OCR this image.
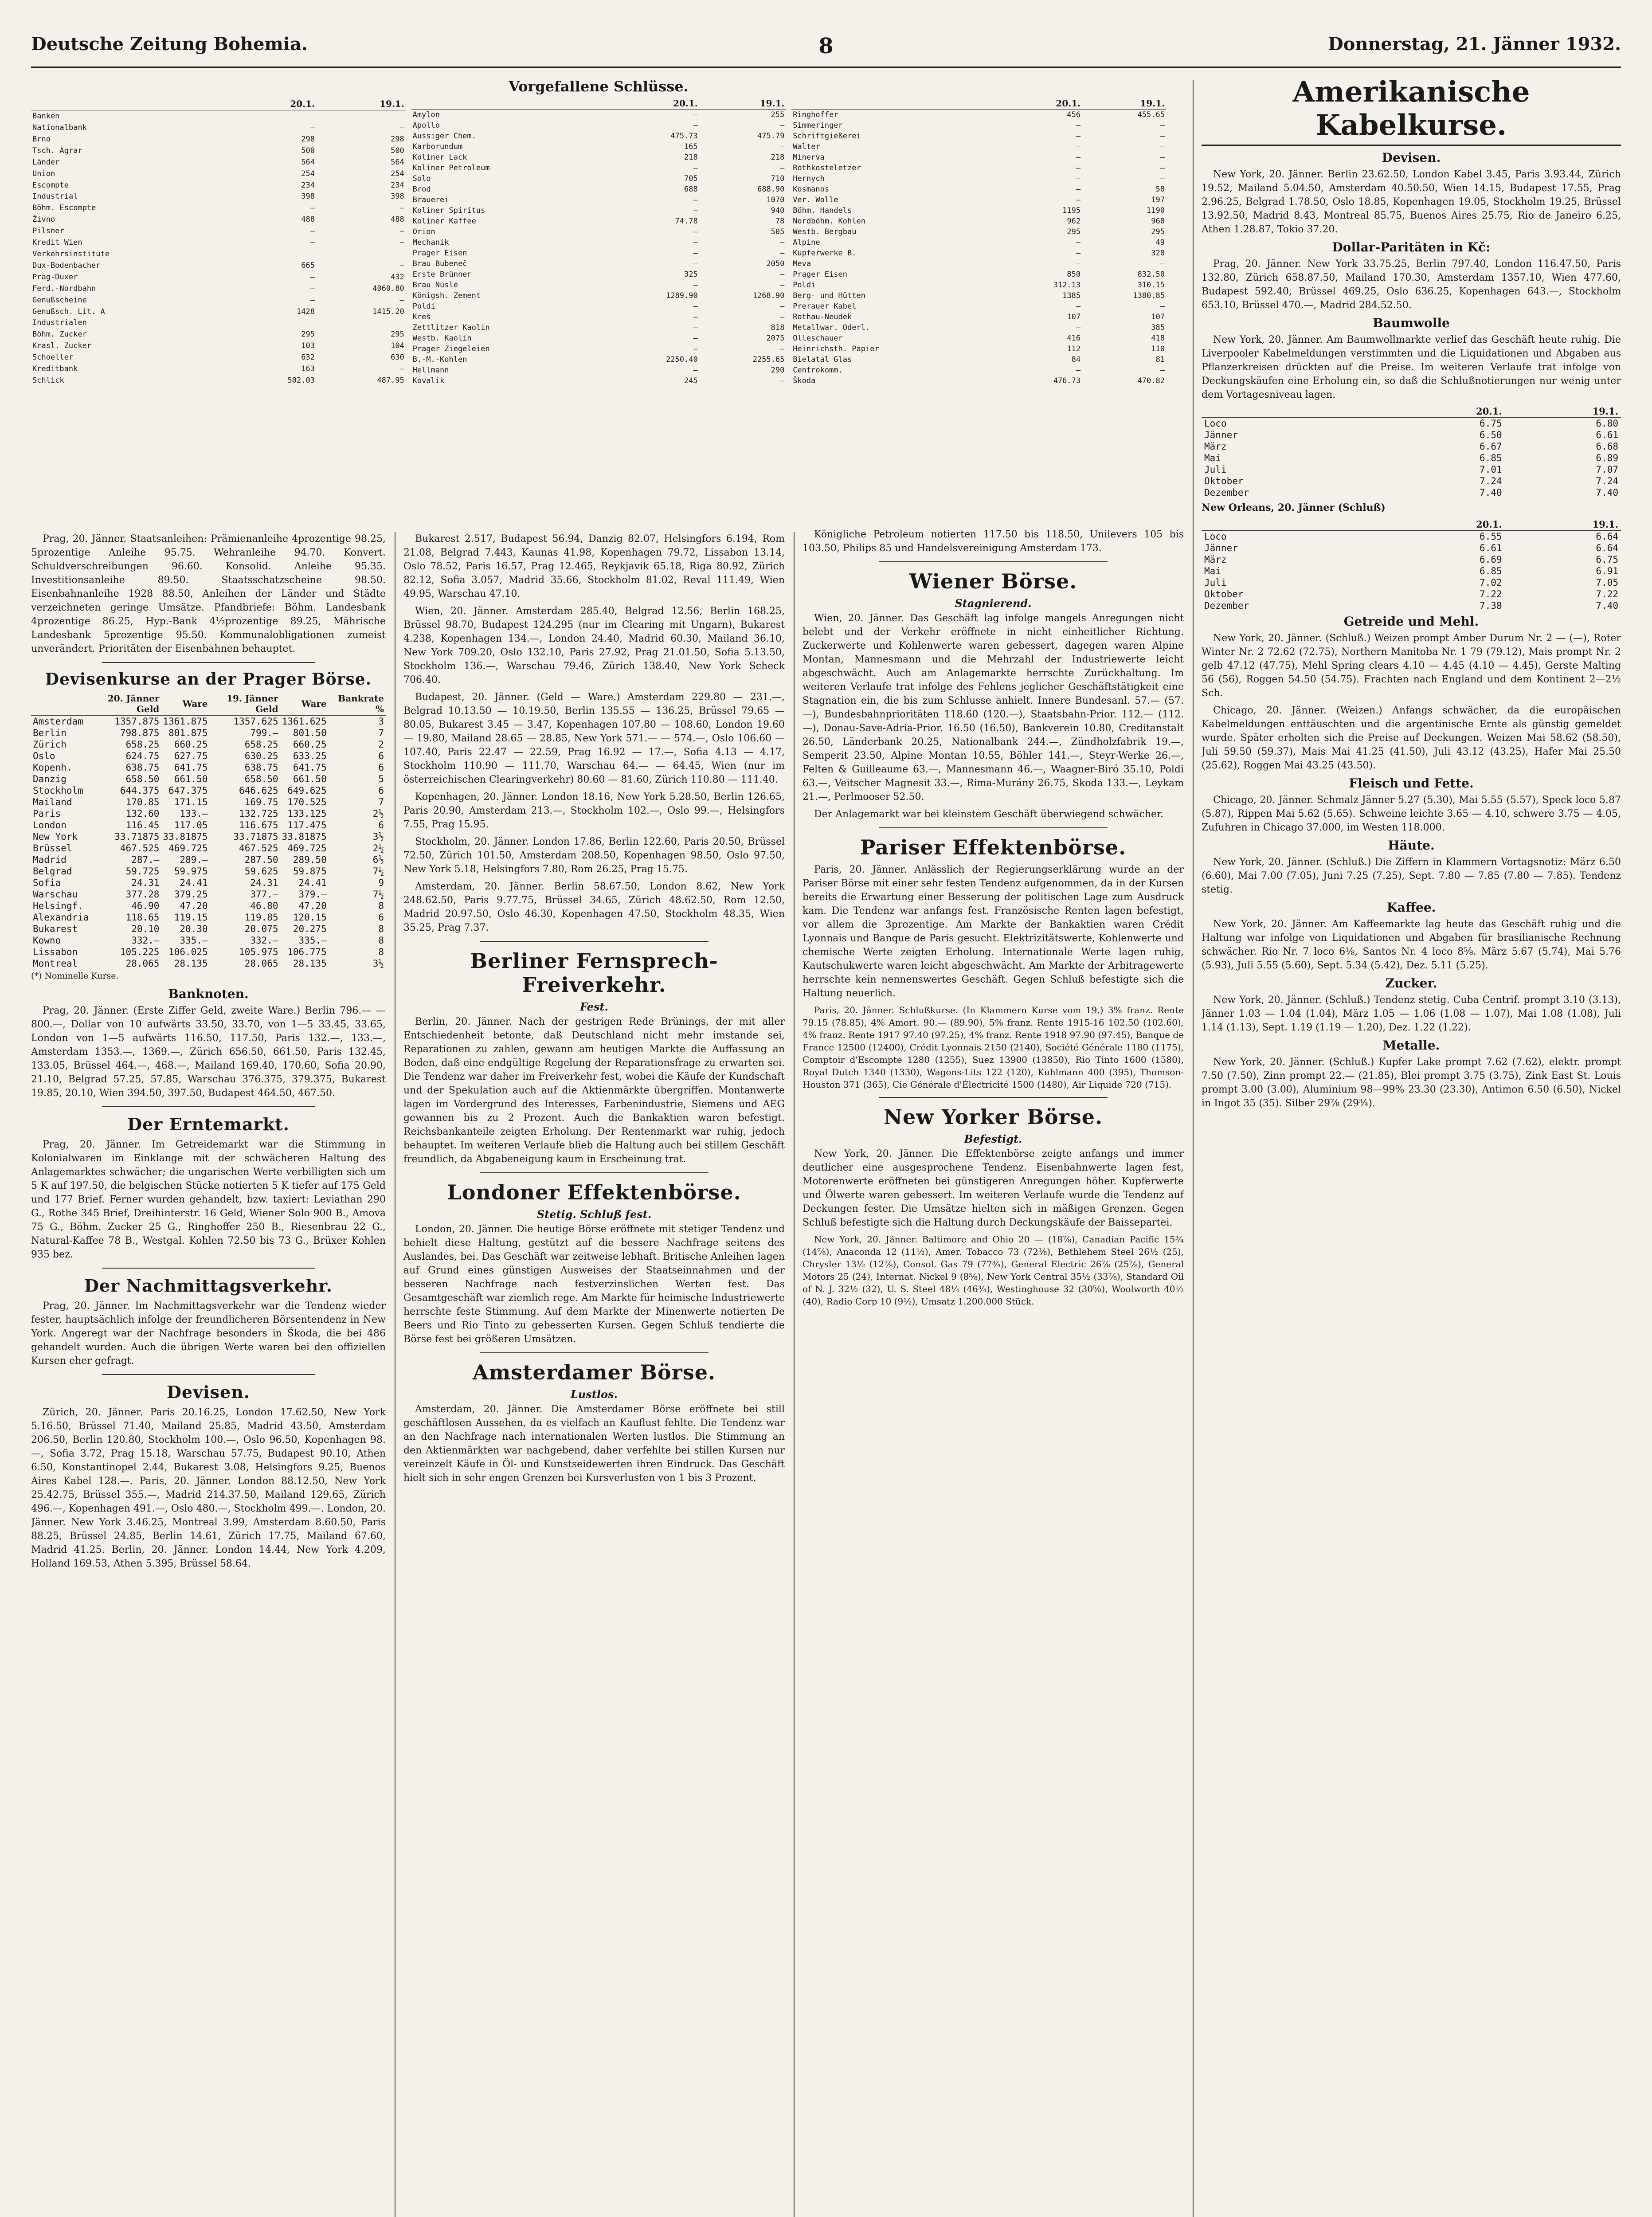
Deutsche Zeitung Bohemia.	8	Donnerstag, 21. Jänner 1932.
Vorgefallene Schlüsse.
	20.1.	19.1.
Banken		
Nationalbank	—	—
Brno	298	298
Tsch. Agrar	500	500
Länder	564	564
Union	254	254
Escompte	234	234
Industrial	398	398
Böhm. Escompte	—	—
Živno	488	488
Pilsner	—	—
Kredit Wien	—	—
Verkehrsinstitute		
Dux-Bodenbacher	665	—
Prag-Duxer	—	432
Ferd.-Nordbahn	—	4060.80
Genußscheine	—	—
Genußsch. Lit. A	1428	1415.20
Industrialen		
Böhm. Zucker	295	295
Krasl. Zucker	103	104
Schoeller	632	630
Kreditbank	163	—
Schlick	502.03	487.95
	20.1.	19.1.
Amylon	—	255
Apollo	—	—
Aussiger Chem.	475.73	475.79
Karborundum	165	—
Koliner Lack	218	218
Koliner Petroleum	—	—
Solo	705	710
Brod	688	688.90
Brauerei	—	1070
Koliner Spiritus	—	940
Koliner Kaffee	74.78	78
Orion	—	505
Mechanik	—	—
Prager Eisen	—	—
Brau Bubeneč	—	2050
Erste Brünner	325	—
Brau Nusle	—	—
Königsh. Zement	1289.90	1268.90
Poldi	—	—
Kreš	—	—
Zettlitzer Kaolin	—	818
Westb. Kaolin	—	2075
Prager Ziegeleien	—	—
B.-M.-Kohlen	2250.40	2255.65
Hellmann	—	290
Kovalik	245	—
	20.1.	19.1.
Ringhoffer	456	455.65
Simmeringer	—	—
Schriftgießerei	—	—
Walter	—	—
Minerva	—	—
Rothkosteletzer	—	—
Hernych	—	—
Kosmanos	—	58
Ver. Wolle	—	197
Böhm. Handels	1195	1190
Nordböhm. Kohlen	962	960
Westb. Bergbau	295	295
Alpine	—	49
Kupferwerke B.	—	328
Meva	—	—
Prager Eisen	850	832.50
Poldi	312.13	310.15
Berg- und Hütten	1385	1380.85
Prerauer Kabel	—	—
Rothau-Neudek	107	107
Metallwar. Oderl.	—	385
Olleschauer	416	418
Heinrichsth. Papier	112	110
Bielatal Glas	84	81
Centrokomm.	—	—
Škoda	476.73	470.82

Prag, 20. Jänner. Staatsanleihen: Prämienanleihe 4prozentige 98.25, 5prozentige Anleihe 95.75. Wehranleihe 94.70. Konvert. Schuldverschreibungen 96.60. Konsolid. Anleihe 95.35. Investitionsanleihe 89.50. Staatsschatzscheine 98.50. Eisenbahnanleihe 1928 88.50, Anleihen der Länder und Städte verzeichneten geringe Umsätze. Pfandbriefe: Böhm. Landesbank 4prozentige 86.25, Hyp.-Bank 4½prozentige 89.25, Mährische Landesbank 5prozentige 95.50. Kommunalobligationen zumeist unverändert. Prioritäten der Eisenbahnen behauptet.

Devisenkurse an der Prager Börse.
	20. Jänner Geld	Ware	19. Jänner Geld	Ware	Bankrate %
Amsterdam	1357.875	1361.875	1357.625	1361.625	3
Berlin	798.875	801.875	799.—	801.50	7
Zürich	658.25	660.25	658.25	660.25	2
Oslo	624.75	627.75	630.25	633.25	6
Kopenh.	638.75	641.75	638.75	641.75	6
Danzig	658.50	661.50	658.50	661.50	5
Stockholm	644.375	647.375	646.625	649.625	6
Mailand	170.85	171.15	169.75	170.525	7
Paris	132.60	133.—	132.725	133.125	2½
London	116.45	117.05	116.675	117.475	6
New York	33.71875	33.81875	33.71875	33.81875	3½
Brüssel	467.525	469.725	467.525	469.725	2½
Madrid	287.—	289.—	287.50	289.50	6½
Belgrad	59.725	59.975	59.625	59.875	7½
Sofia	24.31	24.41	24.31	24.41	9
Warschau	377.28	379.25	377.—	379.—	7½
Helsingf.	46.90	47.20	46.80	47.20	8
Alexandria	118.65	119.15	119.85	120.15	6
Bukarest	20.10	20.30	20.075	20.275	8
Kowno	332.—	335.—	332.—	335.—	8
Lissabon	105.225	106.025	105.975	106.775	8
Montreal	28.065	28.135	28.065	28.135	3½

(*) Nominelle Kurse.

Banknoten.

Prag, 20. Jänner. (Erste Ziffer Geld, zweite Ware.) Berlin 796.— — 800.—, Dollar von 10 aufwärts 33.50, 33.70, von 1—5 33.45, 33.65, London von 1—5 aufwärts 116.50, 117.50, Paris 132.—, 133.—, Amsterdam 1353.—, 1369.—, Zürich 656.50, 661.50, Paris 132.45, 133.05, Brüssel 464.—, 468.—, Mailand 169.40, 170.60, Sofia 20.90, 21.10, Belgrad 57.25, 57.85, Warschau 376.375, 379.375, Bukarest 19.85, 20.10, Wien 394.50, 397.50, Budapest 464.50, 467.50.

Der Erntemarkt.

Prag, 20. Jänner. Im Getreidemarkt war die Stimmung in Kolonialwaren im Einklange mit der schwächeren Haltung des Anlagemarktes schwächer; die ungarischen Werte verbilligten sich um 5 K auf 197.50, die belgischen Stücke notierten 5 K tiefer auf 175 Geld und 177 Brief. Ferner wurden gehandelt, bzw. taxiert: Leviathan 290 G., Rothe 345 Brief, Dreihinterstr. 16 Geld, Wiener Solo 900 B., Amova 75 G., Böhm. Zucker 25 G., Ringhoffer 250 B., Riesenbrau 22 G., Natural-Kaffee 78 B., Westgal. Kohlen 72.50 bis 73 G., Brüxer Kohlen 935 bez.

Der Nachmittagsverkehr.

Prag, 20. Jänner. Im Nachmittagsverkehr war die Tendenz wieder fester, hauptsächlich infolge der freundlicheren Börsentendenz in New York. Angeregt war der Nachfrage besonders in Škoda, die bei 486 gehandelt wurden. Auch die übrigen Werte waren bei den offiziellen Kursen eher gefragt.

Devisen.

Zürich, 20. Jänner. Paris 20.16.25, London 17.62.50, New York 5.16.50, Brüssel 71.40, Mailand 25.85, Madrid 43.50, Amsterdam 206.50, Berlin 120.80, Stockholm 100.—, Oslo 96.50, Kopenhagen 98.—, Sofia 3.72, Prag 15.18, Warschau 57.75, Budapest 90.10, Athen 6.50, Konstantinopel 2.44, Bukarest 3.08, Helsingfors 9.25, Buenos Aires Kabel 128.—. Paris, 20. Jänner. London 88.12.50, New York 25.42.75, Brüssel 355.—, Madrid 214.37.50, Mailand 129.65, Zürich 496.—, Kopenhagen 491.—, Oslo 480.—, Stockholm 499.—. London, 20. Jänner. New York 3.46.25, Montreal 3.99, Amsterdam 8.60.50, Paris 88.25, Brüssel 24.85, Berlin 14.61, Zürich 17.75, Mailand 67.60, Madrid 41.25. Berlin, 20. Jänner. London 14.44, New York 4.209, Holland 169.53, Athen 5.395, Brüssel 58.64.

Bukarest 2.517, Budapest 56.94, Danzig 82.07, Helsingfors 6.194, Rom 21.08, Belgrad 7.443, Kaunas 41.98, Kopenhagen 79.72, Lissabon 13.14, Oslo 78.52, Paris 16.57, Prag 12.465, Reykjavik 65.18, Riga 80.92, Zürich 82.12, Sofia 3.057, Madrid 35.66, Stockholm 81.02, Reval 111.49, Wien 49.95, Warschau 47.10.

Wien, 20. Jänner. Amsterdam 285.40, Belgrad 12.56, Berlin 168.25, Brüssel 98.70, Budapest 124.295 (nur im Clearing mit Ungarn), Bukarest 4.238, Kopenhagen 134.—, London 24.40, Madrid 60.30, Mailand 36.10, New York 709.20, Oslo 132.10, Paris 27.92, Prag 21.01.50, Sofia 5.13.50, Stockholm 136.—, Warschau 79.46, Zürich 138.40, New York Scheck 706.40.

Budapest, 20. Jänner. (Geld — Ware.) Amsterdam 229.80 — 231.—, Belgrad 10.13.50 — 10.19.50, Berlin 135.55 — 136.25, Brüssel 79.65 — 80.05, Bukarest 3.45 — 3.47, Kopenhagen 107.80 — 108.60, London 19.60 — 19.80, Mailand 28.65 — 28.85, New York 571.— — 574.—, Oslo 106.60 — 107.40, Paris 22.47 — 22.59, Prag 16.92 — 17.—, Sofia 4.13 — 4.17, Stockholm 110.90 — 111.70, Warschau 64.— — 64.45, Wien (nur im österreichischen Clearingverkehr) 80.60 — 81.60, Zürich 110.80 — 111.40.

Kopenhagen, 20. Jänner. London 18.16, New York 5.28.50, Berlin 126.65, Paris 20.90, Amsterdam 213.—, Stockholm 102.—, Oslo 99.—, Helsingfors 7.55, Prag 15.95.

Stockholm, 20. Jänner. London 17.86, Berlin 122.60, Paris 20.50, Brüssel 72.50, Zürich 101.50, Amsterdam 208.50, Kopenhagen 98.50, Oslo 97.50, New York 5.18, Helsingfors 7.80, Rom 26.25, Prag 15.75.

Amsterdam, 20. Jänner. Berlin 58.67.50, London 8.62, New York 248.62.50, Paris 9.77.75, Brüssel 34.65, Zürich 48.62.50, Rom 12.50, Madrid 20.97.50, Oslo 46.30, Kopenhagen 47.50, Stockholm 48.35, Wien 35.25, Prag 7.37.

Berliner Fernsprech-Freiverkehr.
Fest.

Berlin, 20. Jänner. Nach der gestrigen Rede Brünings, der mit aller Entschiedenheit betonte, daß Deutschland nicht mehr imstande sei, Reparationen zu zahlen, gewann am heutigen Markte die Auffassung an Boden, daß eine endgültige Regelung der Reparationsfrage zu erwarten sei. Die Tendenz war daher im Freiverkehr fest, wobei die Käufe der Kundschaft und der Spekulation auch auf die Aktienmärkte übergriffen. Montanwerte lagen im Vordergrund des Interesses, Farbenindustrie, Siemens und AEG gewannen bis zu 2 Prozent. Auch die Bankaktien waren befestigt. Reichsbankanteile zeigten Erholung. Der Rentenmarkt war ruhig, jedoch behauptet. Im weiteren Verlaufe blieb die Haltung auch bei stillem Geschäft freundlich, da Abgabeneigung kaum in Erscheinung trat.

Londoner Effektenbörse.
Stetig. Schluß fest.

London, 20. Jänner. Die heutige Börse eröffnete mit stetiger Tendenz und behielt diese Haltung, gestützt auf die bessere Nachfrage seitens des Auslandes, bei. Das Geschäft war zeitweise lebhaft. Britische Anleihen lagen auf Grund eines günstigen Ausweises der Staatseinnahmen und der besseren Nachfrage nach festverzinslichen Werten fest. Das Gesamtgeschäft war ziemlich rege. Am Markte für heimische Industriewerte herrschte feste Stimmung. Auf dem Markte der Minenwerte notierten De Beers und Rio Tinto zu gebesserten Kursen. Gegen Schluß tendierte die Börse fest bei größeren Umsätzen.

Amsterdamer Börse.
Lustlos.

Amsterdam, 20. Jänner. Die Amsterdamer Börse eröffnete bei still geschäftlosen Aussehen, da es vielfach an Kauflust fehlte. Die Tendenz war an den Nachfrage nach internationalen Werten lustlos. Die Stimmung an den Aktienmärkten war nachgebend, daher verfehlte bei stillen Kursen nur vereinzelt Käufe in Öl- und Kunstseidewerten ihren Eindruck. Das Geschäft hielt sich in sehr engen Grenzen bei Kursverlusten von 1 bis 3 Prozent.

Königliche Petroleum notierten 117.50 bis 118.50, Unilevers 105 bis 103.50, Philips 85 und Handelsvereinigung Amsterdam 173.

Wiener Börse.
Stagnierend.

Wien, 20. Jänner. Das Geschäft lag infolge mangels Anregungen nicht belebt und der Verkehr eröffnete in nicht einheitlicher Richtung. Zuckerwerte und Kohlenwerte waren gebessert, dagegen waren Alpine Montan, Mannesmann und die Mehrzahl der Industriewerte leicht abgeschwächt. Auch am Anlagemarkte herrschte Zurückhaltung. Im weiteren Verlaufe trat infolge des Fehlens jeglicher Geschäftstätigkeit eine Stagnation ein, die bis zum Schlusse anhielt. Innere Bundesanl. 57.— (57.—), Bundesbahnprioritäten 118.60 (120.—), Staatsbahn-Prior. 112.— (112.—), Donau-Save-Adria-Prior. 16.50 (16.50), Bankverein 10.80, Creditanstalt 26.50, Länderbank 20.25, Nationalbank 244.—, Zündholzfabrik 19.—, Semperit 23.50, Alpine Montan 10.55, Böhler 141.—, Steyr-Werke 26.—, Felten & Guilleaume 63.—, Mannesmann 46.—, Waagner-Biró 35.10, Poldi 63.—, Veitscher Magnesit 33.—, Rima-Murány 26.75, Skoda 133.—, Leykam 21.—, Perlmooser 52.50.

Der Anlagemarkt war bei kleinstem Geschäft überwiegend schwächer.

Pariser Effektenbörse.

Paris, 20. Jänner. Anlässlich der Regierungserklärung wurde an der Pariser Börse mit einer sehr festen Tendenz aufgenommen, da in der Kursen bereits die Erwartung einer Besserung der politischen Lage zum Ausdruck kam. Die Tendenz war anfangs fest. Französische Renten lagen befestigt, vor allem die 3prozentige. Am Markte der Bankaktien waren Crédit Lyonnais und Banque de Paris gesucht. Elektrizitätswerte, Kohlenwerte und chemische Werte zeigten Erholung. Internationale Werte lagen ruhig, Kautschukwerte waren leicht abgeschwächt. Am Markte der Arbitragewerte herrschte kein nennenswertes Geschäft. Gegen Schluß befestigte sich die Haltung neuerlich.

Paris, 20. Jänner. Schlußkurse. (In Klammern Kurse vom 19.) 3% franz. Rente 79.15 (78.85), 4% Amort. 90.— (89.90), 5% franz. Rente 1915-16 102.50 (102.60), 4% franz. Rente 1917 97.40 (97.25), 4% franz. Rente 1918 97.90 (97.45), Banque de France 12500 (12400), Crédit Lyonnais 2150 (2140), Société Générale 1180 (1175), Comptoir d'Escompte 1280 (1255), Suez 13900 (13850), Rio Tinto 1600 (1580), Royal Dutch 1340 (1330), Wagons-Lits 122 (120), Kuhlmann 400 (395), Thomson-Houston 371 (365), Cie Générale d'Électricité 1500 (1480), Air Liquide 720 (715).

New Yorker Börse.
Befestigt.

New York, 20. Jänner. Die Effektenbörse zeigte anfangs und immer deutlicher eine ausgesprochene Tendenz. Eisenbahnwerte lagen fest, Motorenwerte eröffneten bei günstigeren Anregungen höher. Kupferwerte und Ölwerte waren gebessert. Im weiteren Verlaufe wurde die Tendenz auf Deckungen fester. Die Umsätze hielten sich in mäßigen Grenzen. Gegen Schluß befestigte sich die Haltung durch Deckungskäufe der Baissepartei.

New York, 20. Jänner. Baltimore and Ohio 20 — (18⅞), Canadian Pacific 15¾ (14⅞), Anaconda 12 (11½), Amer. Tobacco 73 (72⅜), Bethlehem Steel 26½ (25), Chrysler 13½ (12⅞), Consol. Gas 79 (77¾), General Electric 26⅞ (25⅞), General Motors 25 (24), Internat. Nickel 9 (8⅝), New York Central 35½ (33⅞), Standard Oil of N. J. 32½ (32), U. S. Steel 48¼ (46¾), Westinghouse 32 (30⅝), Woolworth 40½ (40), Radio Corp 10 (9½), Umsatz 1.200.000 Stück.

Amerikanische Kabelkurse.
Devisen.

New York, 20. Jänner. Berlin 23.62.50, London Kabel 3.45, Paris 3.93.44, Zürich 19.52, Mailand 5.04.50, Amsterdam 40.50.50, Wien 14.15, Budapest 17.55, Prag 2.96.25, Belgrad 1.78.50, Oslo 18.85, Kopenhagen 19.05, Stockholm 19.25, Brüssel 13.92.50, Madrid 8.43, Montreal 85.75, Buenos Aires 25.75, Rio de Janeiro 6.25, Athen 1.28.87, Tokio 37.20.

Dollar-Paritäten in Kč:

Prag, 20. Jänner. New York 33.75.25, Berlin 797.40, London 116.47.50, Paris 132.80, Zürich 658.87.50, Mailand 170.30, Amsterdam 1357.10, Wien 477.60, Budapest 592.40, Brüssel 469.25, Oslo 636.25, Kopenhagen 643.—, Stockholm 653.10, Brüssel 470.—, Madrid 284.52.50.

Baumwolle

New York, 20. Jänner. Am Baumwollmarkte verlief das Geschäft heute ruhig. Die Liverpooler Kabelmeldungen verstimmten und die Liquidationen und Abgaben aus Pflanzerkreisen drückten auf die Preise. Im weiteren Verlaufe trat infolge von Deckungskäufen eine Erholung ein, so daß die Schlußnotierungen nur wenig unter dem Vortagesniveau lagen.

	20.1.	19.1.
Loco	6.75	6.80
Jänner	6.50	6.61
März	6.67	6.68
Mai	6.85	6.89
Juli	7.01	7.07
Oktober	7.24	7.24
Dezember	7.40	7.40

New Orleans, 20. Jänner (Schluß)

	20.1.	19.1.
Loco	6.55	6.64
Jänner	6.61	6.64
März	6.69	6.75
Mai	6.85	6.91
Juli	7.02	7.05
Oktober	7.22	7.22
Dezember	7.38	7.40
Getreide und Mehl.

New York, 20. Jänner. (Schluß.) Weizen prompt Amber Durum Nr. 2 — (—), Roter Winter Nr. 2 72.62 (72.75), Northern Manitoba Nr. 1 79 (79.12), Mais prompt Nr. 2 gelb 47.12 (47.75), Mehl Spring clears 4.10 — 4.45 (4.10 — 4.45), Gerste Malting 56 (56), Roggen 54.50 (54.75). Frachten nach England und dem Kontinent 2—2½ Sch.

Chicago, 20. Jänner. (Weizen.) Anfangs schwächer, da die europäischen Kabelmeldungen enttäuschten und die argentinische Ernte als günstig gemeldet wurde. Später erholten sich die Preise auf Deckungen. Weizen Mai 58.62 (58.50), Juli 59.50 (59.37), Mais Mai 41.25 (41.50), Juli 43.12 (43.25), Hafer Mai 25.50 (25.62), Roggen Mai 43.25 (43.50).

Fleisch und Fette.

Chicago, 20. Jänner. Schmalz Jänner 5.27 (5.30), Mai 5.55 (5.57), Speck loco 5.87 (5.87), Rippen Mai 5.62 (5.65). Schweine leichte 3.65 — 4.10, schwere 3.75 — 4.05, Zufuhren in Chicago 37.000, im Westen 118.000.

Häute.

New York, 20. Jänner. (Schluß.) Die Ziffern in Klammern Vortagsnotiz: März 6.50 (6.60), Mai 7.00 (7.05), Juni 7.25 (7.25), Sept. 7.80 — 7.85 (7.80 — 7.85). Tendenz stetig.

Kaffee.

New York, 20. Jänner. Am Kaffeemarkte lag heute das Geschäft ruhig und die Haltung war infolge von Liquidationen und Abgaben für brasilianische Rechnung schwächer. Rio Nr. 7 loco 6⅛, Santos Nr. 4 loco 8⅝. März 5.67 (5.74), Mai 5.76 (5.93), Juli 5.55 (5.60), Sept. 5.34 (5.42), Dez. 5.11 (5.25).

Zucker.

New York, 20. Jänner. (Schluß.) Tendenz stetig. Cuba Centrif. prompt 3.10 (3.13), Jänner 1.03 — 1.04 (1.04), März 1.05 — 1.06 (1.08 — 1.07), Mai 1.08 (1.08), Juli 1.14 (1.13), Sept. 1.19 (1.19 — 1.20), Dez. 1.22 (1.22).

Metalle.

New York, 20. Jänner. (Schluß.) Kupfer Lake prompt 7.62 (7.62), elektr. prompt 7.50 (7.50), Zinn prompt 22.— (21.85), Blei prompt 3.75 (3.75), Zink East St. Louis prompt 3.00 (3.00), Aluminium 98—99% 23.30 (23.30), Antimon 6.50 (6.50), Nickel in Ingot 35 (35). Silber 29⅞ (29¾).
